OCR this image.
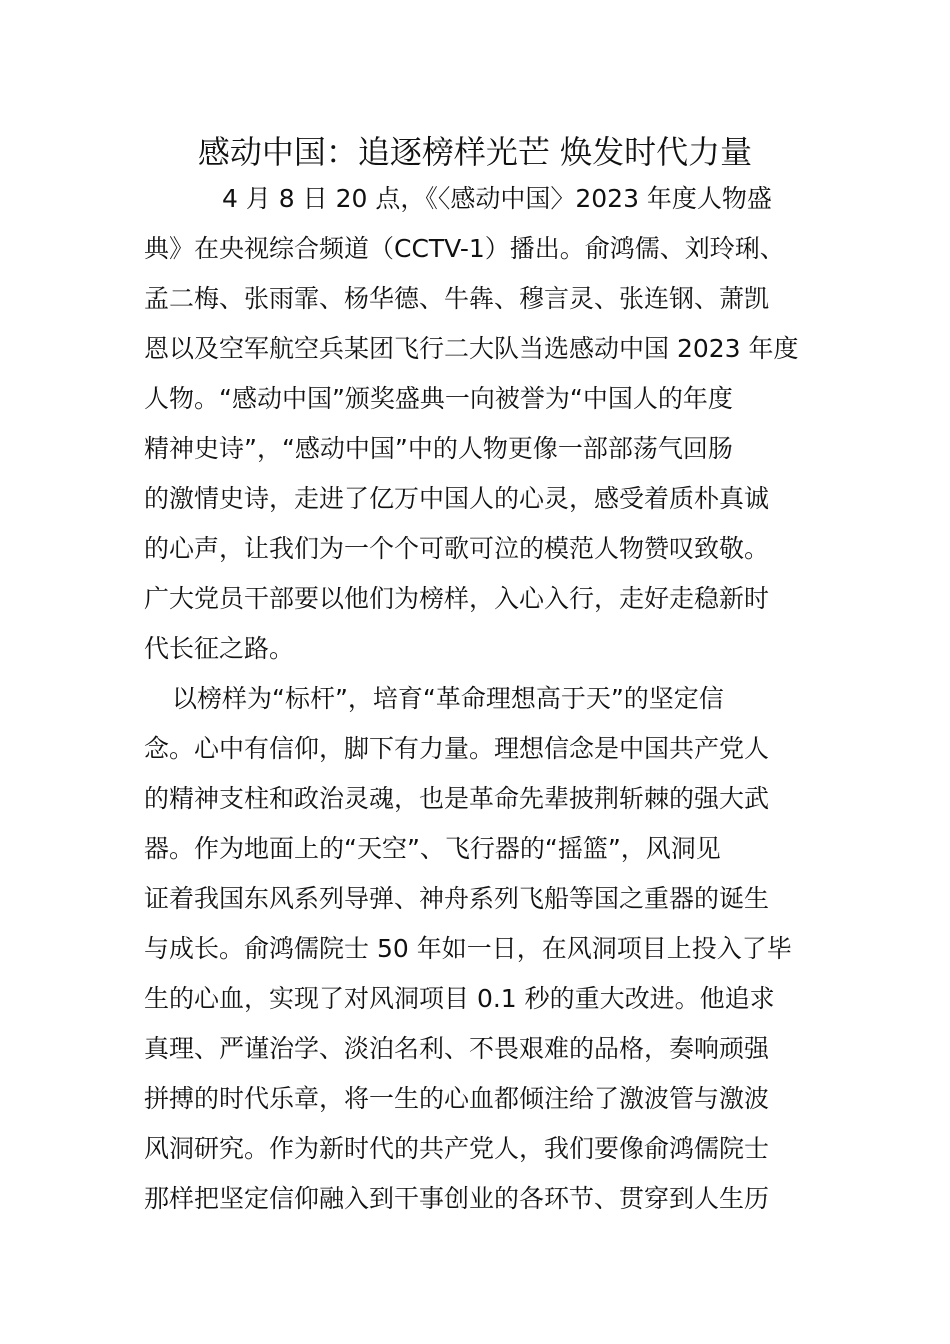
感动中国：追逐榜样光芒 焕发时代力量

4 月 8 日 20 点，《〈感动中国〉2023 年度人物盛

典》在央视综合频道（CCTV-1）播出。俞鸿儒、刘玲琍、

孟二梅、张雨霏、杨华德、牛犇、穆言灵、张连钢、萧凯

恩以及空军航空兵某团飞行二大队当选感动中国 2023 年度

人物。“感动中国”颁奖盛典一向被誉为“中国人的年度

精神史诗”，“感动中国”中的人物更像一部部荡气回肠

的激情史诗，走进了亿万中国人的心灵，感受着质朴真诚

的心声，让我们为一个个可歌可泣的模范人物赞叹致敬。

广大党员干部要以他们为榜样，入心入行，走好走稳新时

代长征之路。

以榜样为“标杆”，培育“革命理想高于天”的坚定信

念。心中有信仰，脚下有力量。理想信念是中国共产党人

的精神支柱和政治灵魂，也是革命先辈披荆斩棘的强大武

器。作为地面上的“天空”、飞行器的“摇篮”，风洞见

证着我国东风系列导弹、神舟系列飞船等国之重器的诞生

与成长。俞鸿儒院士 50 年如一日，在风洞项目上投入了毕

生的心血，实现了对风洞项目 0.1 秒的重大改进。他追求

真理、严谨治学、淡泊名利、不畏艰难的品格，奏响顽强

拼搏的时代乐章，将一生的心血都倾注给了激波管与激波

风洞研究。作为新时代的共产党人，我们要像俞鸿儒院士

那样把坚定信仰融入到干事创业的各环节、贯穿到人生历
